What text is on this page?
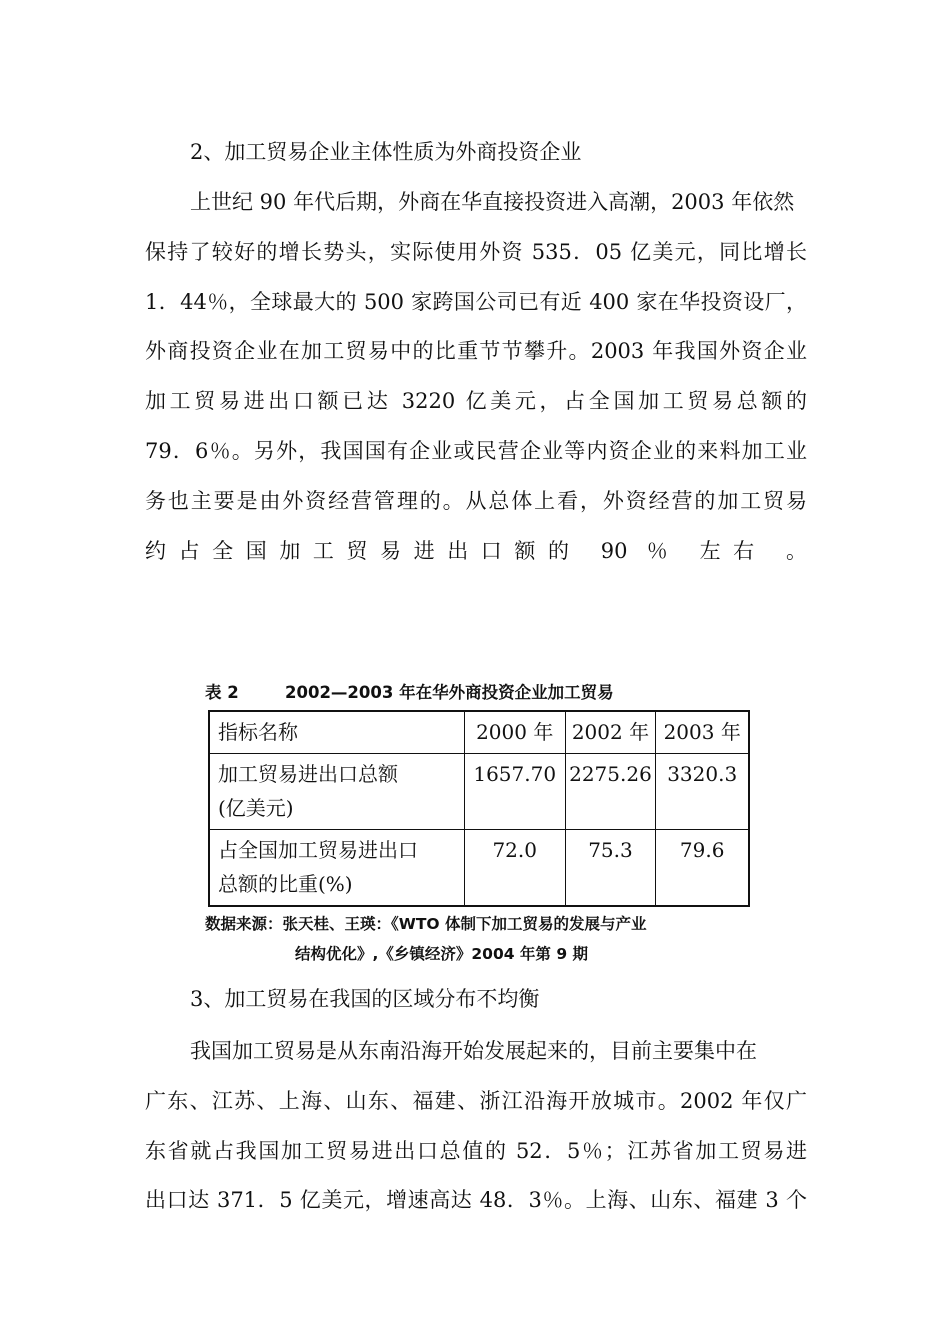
2、加工贸易企业主体性质为外商投资企业

上世纪 90 年代后期，外商在华直接投资进入高潮，2003 年依然
保持了较好的增长势头，实际使用外资 535．05 亿美元，同比增长
1．44％，全球最大的 500 家跨国公司已有近 400 家在华投资设厂，
外商投资企业在加工贸易中的比重节节攀升。2003 年我国外资企业
加工贸易进出口额已达 3220 亿美元，占全国加工贸易总额的
79．6％。另外，我国国有企业或民营企业等内资企业的来料加工业
务也主要是由外资经营管理的。从总体上看，外资经营的加工贸易
约占全国加工贸易进出口额的 90 ％ 左右 。
表 2	2002—2003 年在华外商投资企业加工贸易
指标名称	2000 年	2002 年	2003 年
加工贸易进出口总额
(亿美元)	1657.70	2275.26	3320.3
占全国加工贸易进出口
总额的比重(%)	72.0	75.3	79.6
数据来源：张天桂、王瑛：《WTO 体制下加工贸易的发展与产业
结构优化》,《乡镇经济》2004 年第 9 期

3、加工贸易在我国的区域分布不均衡

我国加工贸易是从东南沿海开始发展起来的，目前主要集中在
广东、江苏、上海、山东、福建、浙江沿海开放城市。2002 年仅广
东省就占我国加工贸易进出口总值的 52．5％；江苏省加工贸易进
出口达 371．5 亿美元，增速高达 48．3％。上海、山东、福建 3 个
